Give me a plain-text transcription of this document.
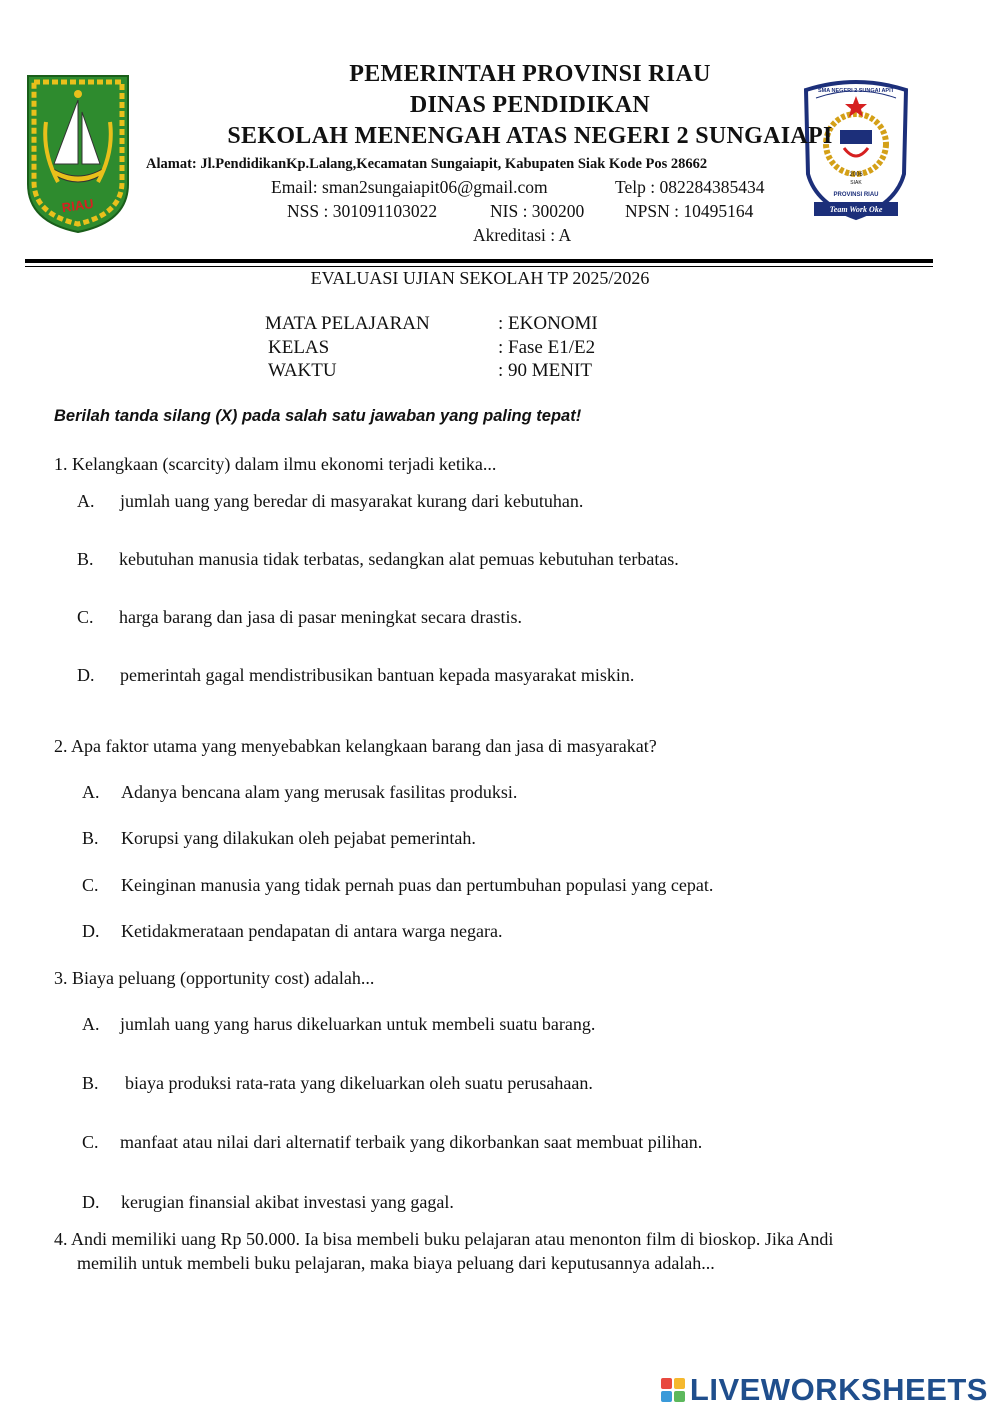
RIAU
2006
SIAK
PROVINSI RIAU
Team Work Oke
SMA NEGERI 2 SUNGAI APIT
PEMERINTAH PROVINSI RIAU
DINAS PENDIDIKAN
SEKOLAH MENENGAH ATAS NEGERI 2 SUNGAIAPI
Alamat: Jl.PendidikanKp.Lalang,Kecamatan Sungaiapit, Kabupaten Siak Kode Pos 28662
Email: sman2sungaiapit06@gmail.com	Telp : 082284385434
NSS : 301091103022	NIS : 300200 NPSN : 10495164
Akreditasi : A
EVALUASI UJIAN SEKOLAH TP 2025/2026
MATA PELAJARAN	: EKONOMI
KELAS	: Fase E1/E2
WAKTU	: 90 MENIT
Berilah tanda silang (X) pada salah satu jawaban yang paling tepat!
1. Kelangkaan (scarcity) dalam ilmu ekonomi terjadi ketika...
A. jumlah uang yang beredar di masyarakat kurang dari kebutuhan.
B. kebutuhan manusia tidak terbatas, sedangkan alat pemuas kebutuhan terbatas.
C. harga barang dan jasa di pasar meningkat secara drastis.
D. pemerintah gagal mendistribusikan bantuan kepada masyarakat miskin.
2. Apa faktor utama yang menyebabkan kelangkaan barang dan jasa di masyarakat?
A. Adanya bencana alam yang merusak fasilitas produksi.
B. Korupsi yang dilakukan oleh pejabat pemerintah.
C. Keinginan manusia yang tidak pernah puas dan pertumbuhan populasi yang cepat.
D. Ketidakmerataan pendapatan di antara warga negara.
3. Biaya peluang (opportunity cost) adalah...
A. jumlah uang yang harus dikeluarkan untuk membeli suatu barang.
B. biaya produksi rata-rata yang dikeluarkan oleh suatu perusahaan.
C. manfaat atau nilai dari alternatif terbaik yang dikorbankan saat membuat pilihan.
D. kerugian finansial akibat investasi yang gagal.
4. Andi memiliki uang Rp 50.000. Ia bisa membeli buku pelajaran atau menonton film di bioskop. Jika Andi
memilih untuk membeli buku pelajaran, maka biaya peluang dari keputusannya adalah...
LIVEWORKSHEETS
